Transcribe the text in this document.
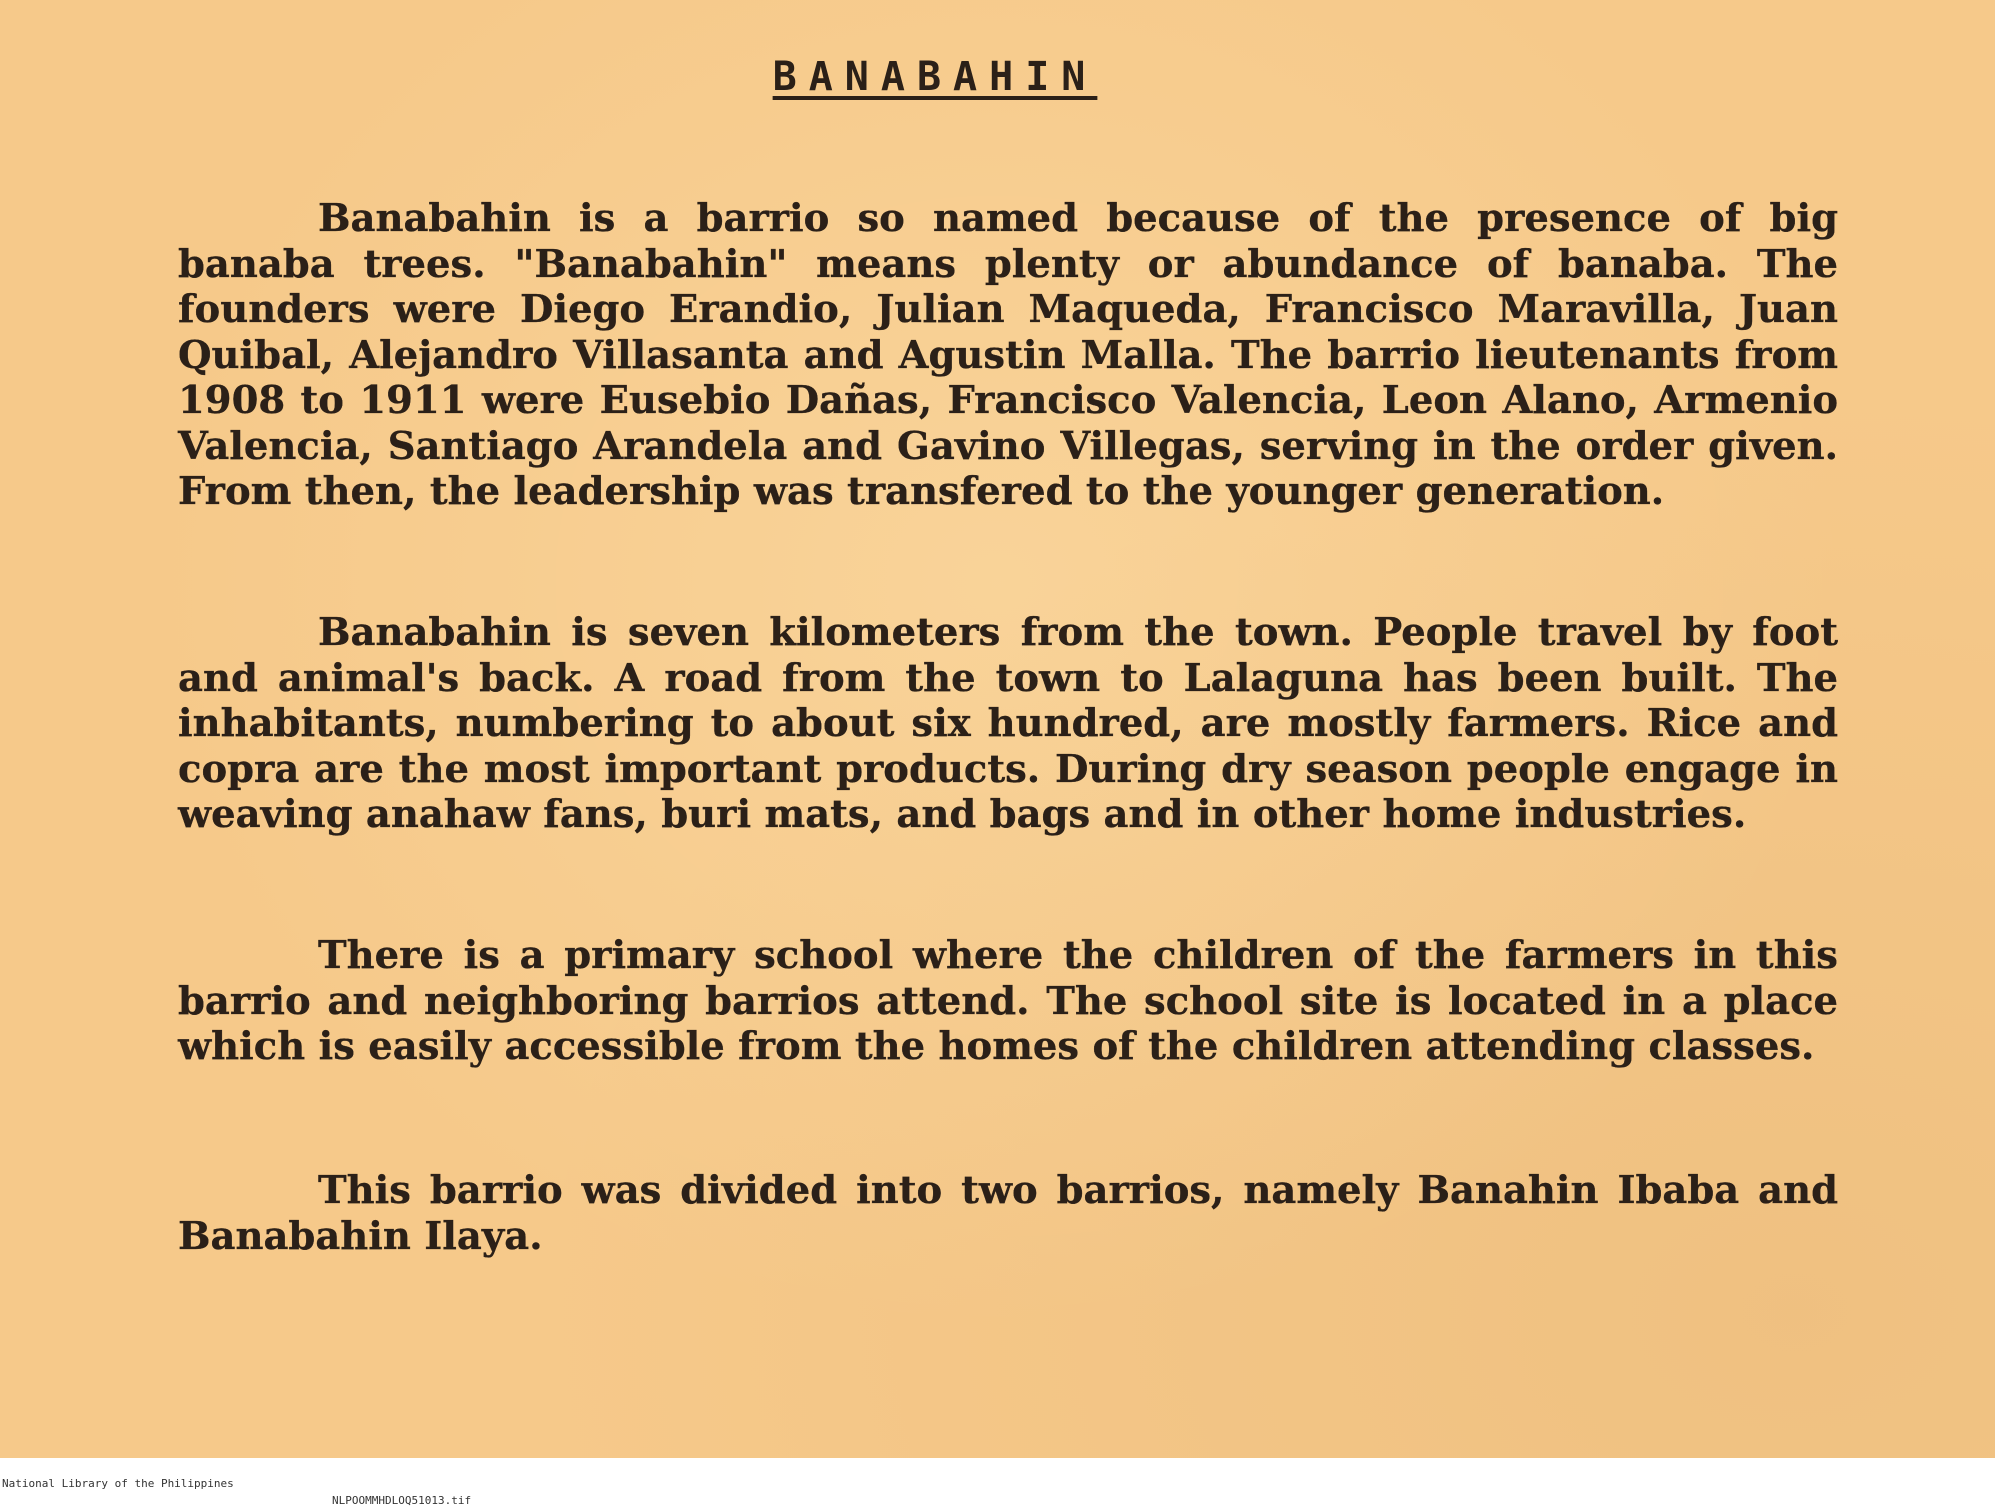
BANABAHIN

Banabahin is a barrio so named because of the presence of big banaba trees. "Banabahin" means plenty or abundance of banaba. The founders were Diego Erandio, Julian Maqueda, Francisco Maravilla, Juan Quibal, Alejandro Villasanta and Agustin Malla. The barrio lieutenants from 1908 to 1911 were Eusebio Dañas, Francisco Valencia, Leon Alano, Armenio Valencia, Santiago Arandela and Gavino Villegas, serving in the order given. From then, the leadership was transfered to the younger generation.

Banabahin is seven kilometers from the town. People travel by foot and animal's back. A road from the town to Lalaguna has been built. The inhabitants, numbering to about six hundred, are mostly farmers. Rice and copra are the most important products. During dry season people engage in weaving anahaw fans, buri mats, and bags and in other home industries.

There is a primary school where the children of the farmers in this barrio and neighboring barrios attend. The school site is located in a place which is easily accessible from the homes of the children attending classes.

This barrio was divided into two barrios, namely Banahin Ibaba and Banabahin Ilaya.

National Library of the Philippines

NLPOOMMHDLOQ51013.tif
